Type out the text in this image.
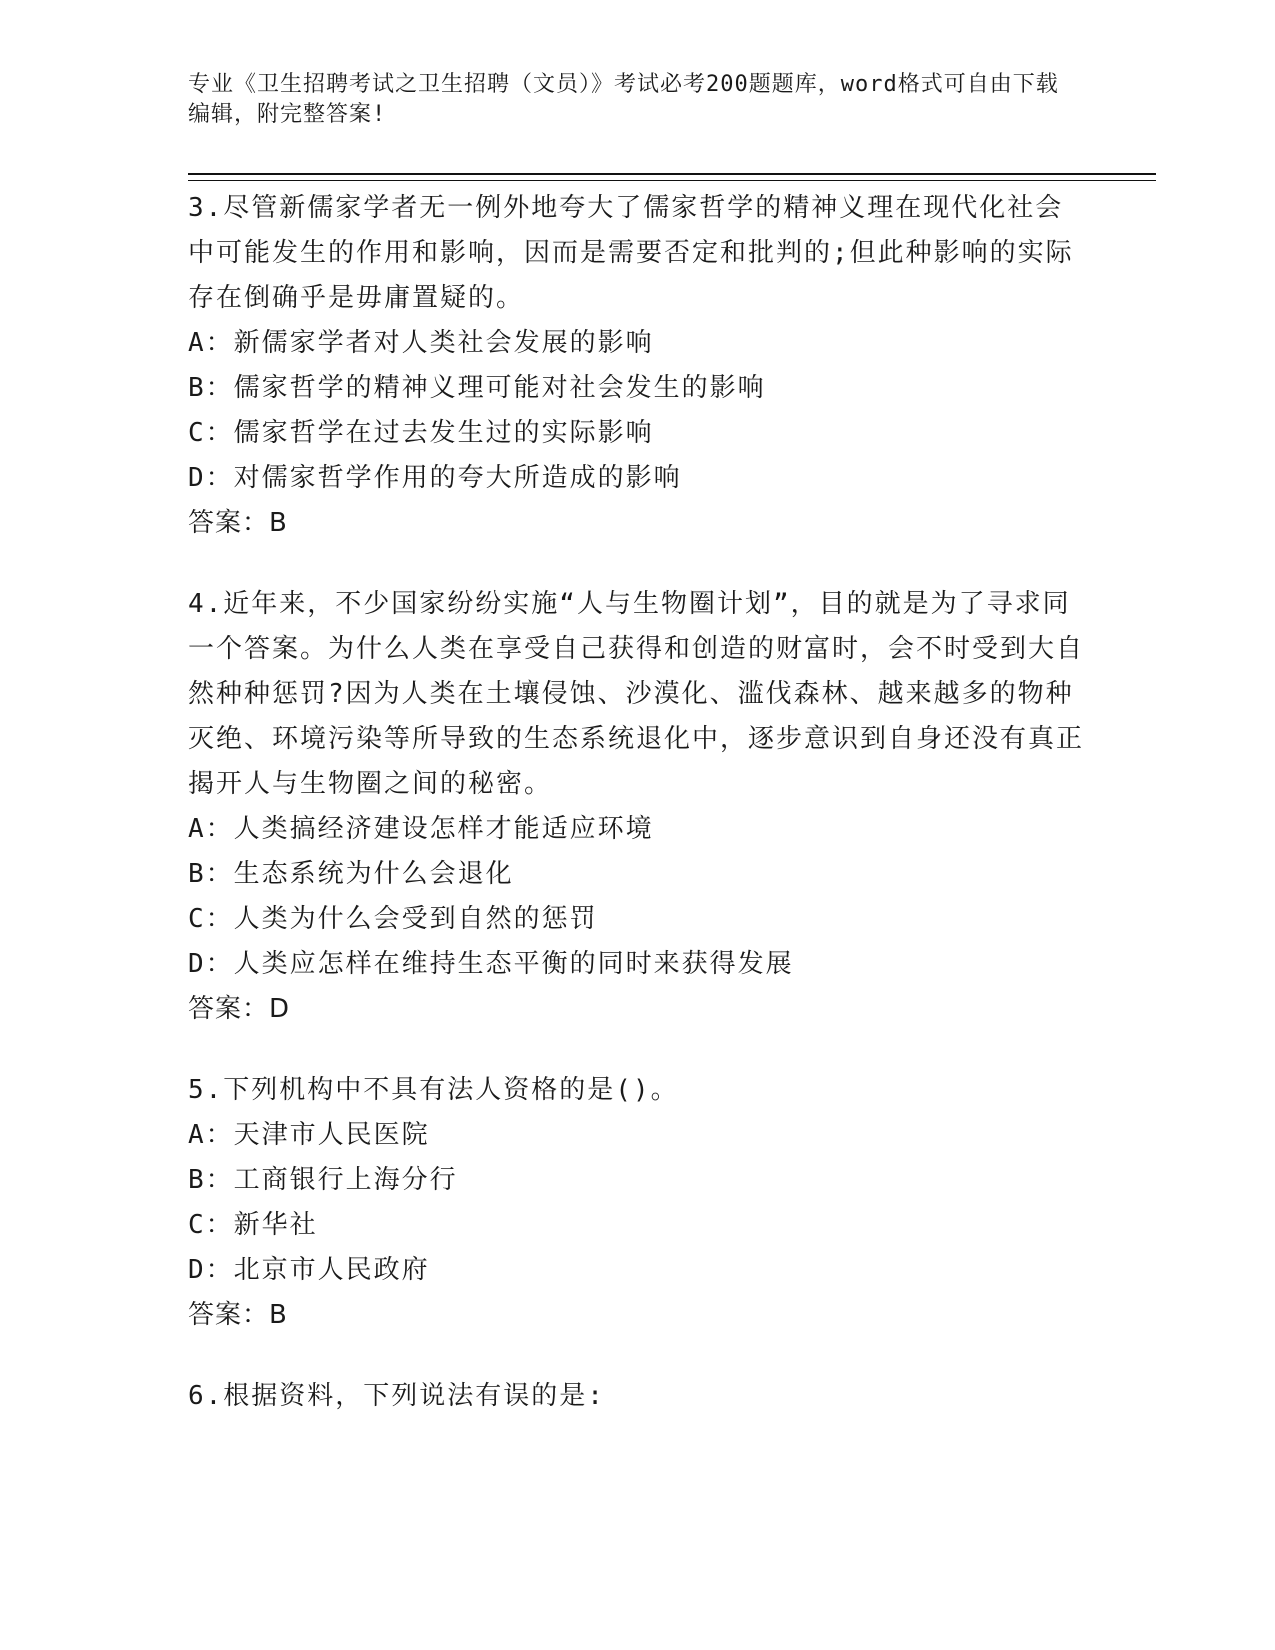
专业《卫生招聘考试之卫生招聘（文员）》考试必考200题题库，word格式可自由下载编辑，附完整答案!

3.尽管新儒家学者无一例外地夸大了儒家哲学的精神义理在现代化社会中可能发生的作用和影响，因而是需要否定和批判的;但此种影响的实际存在倒确乎是毋庸置疑的。

A：新儒家学者对人类社会发展的影响

B：儒家哲学的精神义理可能对社会发生的影响

C：儒家哲学在过去发生过的实际影响

D：对儒家哲学作用的夸大所造成的影响

答案：B

4.近年来，不少国家纷纷实施“人与生物圈计划”，目的就是为了寻求同一个答案。为什么人类在享受自己获得和创造的财富时，会不时受到大自然种种惩罚?因为人类在土壤侵蚀、沙漠化、滥伐森林、越来越多的物种灭绝、环境污染等所导致的生态系统退化中，逐步意识到自身还没有真正揭开人与生物圈之间的秘密。

A：人类搞经济建设怎样才能适应环境

B：生态系统为什么会退化

C：人类为什么会受到自然的惩罚

D：人类应怎样在维持生态平衡的同时来获得发展

答案：D

5.下列机构中不具有法人资格的是()。

A：天津市人民医院

B：工商银行上海分行

C：新华社

D：北京市人民政府

答案：B

6.根据资料，下列说法有误的是:
